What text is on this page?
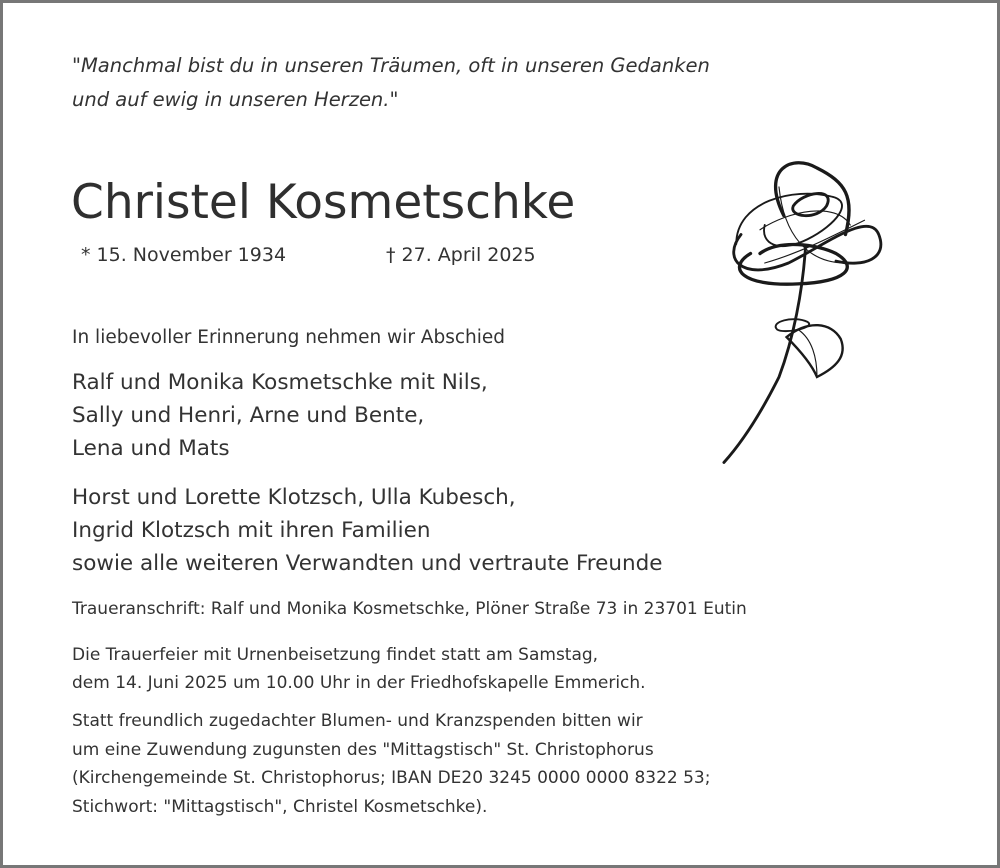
"Manchmal bist du in unseren Träumen, oft in unseren Gedanken
und auf ewig in unseren Herzen."
Christel Kosmetschke
* 15. November 1934	† 27. April 2025
In liebevoller Erinnerung nehmen wir Abschied
Ralf und Monika Kosmetschke mit Nils,
Sally und Henri, Arne und Bente,
Lena und Mats
Horst und Lorette Klotzsch, Ulla Kubesch,
Ingrid Klotzsch mit ihren Familien
sowie alle weiteren Verwandten und vertraute Freunde
Traueranschrift: Ralf und Monika Kosmetschke, Plöner Straße 73 in 23701 Eutin
Die Trauerfeier mit Urnenbeisetzung findet statt am Samstag,
dem 14. Juni 2025 um 10.00 Uhr in der Friedhofskapelle Emmerich.
Statt freundlich zugedachter Blumen- und Kranzspenden bitten wir
um eine Zuwendung zugunsten des "Mittagstisch" St. Christophorus
(Kirchengemeinde St. Christophorus; IBAN DE20 3245 0000 0000 8322 53;
Stichwort: "Mittagstisch", Christel Kosmetschke).
